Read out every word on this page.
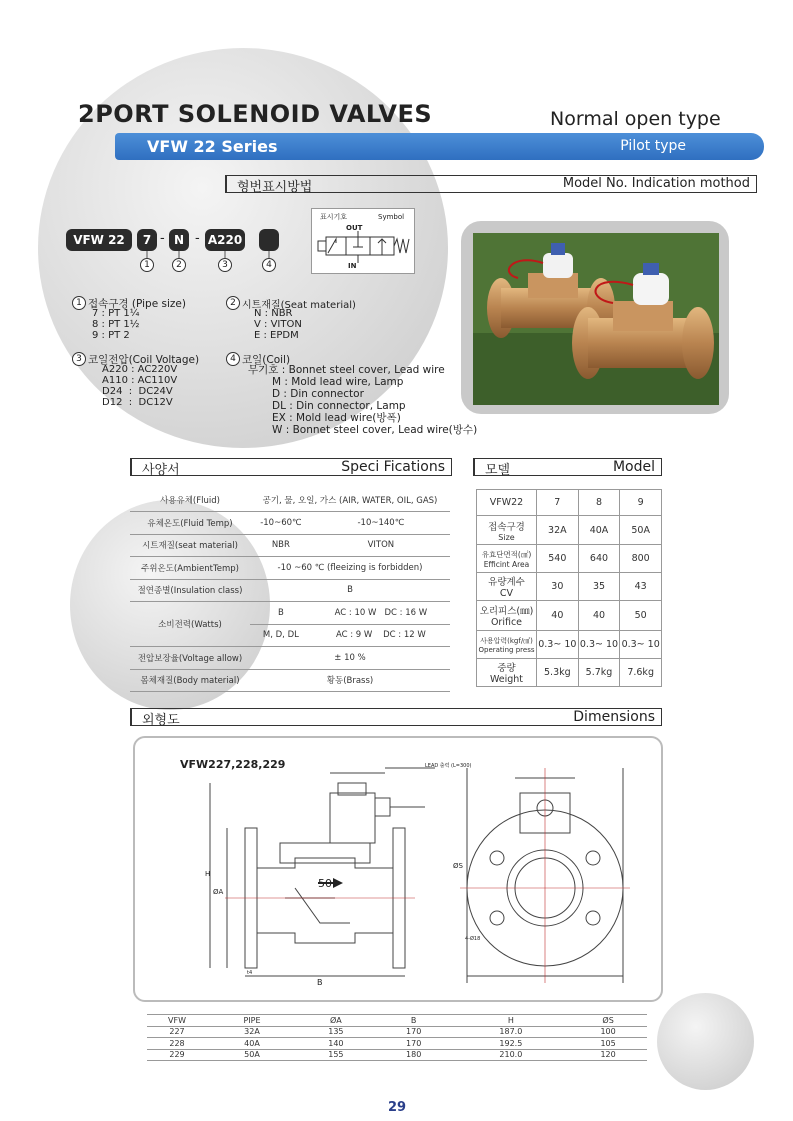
2PORT SOLENOID VALVES	Normal open type
VFW 22 Series	Pilot type
형번표시방법	Model No. Indication mothod
VFW 22	7 - N - A220
1	2	3	4
표시기호	Symbol
OUT
IN
1 접속구경 (Pipe size)
7 : PT 1¼
8 : PT 1½
9 : PT 2
2 시트재질(Seat material)
N : NBR
V : VITON
E : EPDM
3 코일전압(Coil Voltage)
A220 : AC220V
A110 : AC110V
D24  :  DC24V
D12  :  DC12V
4 코일(Coil)
무기호 : Bonnet steel cover, Lead wire
M : Mold lead wire, Lamp
D : Din connector
DL : Din connector, Lamp
EX : Mold lead wire(방폭)
W : Bonnet steel cover, Lead wire(방수)
사양서	Speci Fications	모델	Model
사용유체(Fluid)	공기, 물, 오일, 가스 (AIR, WATER, OIL, GAS)	
유체온도(Fluid Temp)	-10~60℃	-10~140℃
시트재질(seat material)	NBR	VITON
주위온도(AmbientTemp)	-10 ~60 ℃ (fleeizing is forbidden)	
절연종별(Insulation class)	B	
소비전력(Watts)	B	AC : 10 W   DC : 16 W
	M, D, DL	AC : 9 W    DC : 12 W
전압보장율(Voltage allow)	± 10 %	
몸체재질(Body material)	황동(Brass)	
VFW22	7	8	9

접속구경
Size	32A	40A	50A

유효단면적(㎠)
Efficint Area	540	640	800

유량계수
CV	30	35	43

오리피스(㎜)
Orifice	40	40	50

사용압력(kgf/㎠)
Operating press	0.3~ 10	0.3~ 10	0.3~ 10

중량
Weight	5.3kg	5.7kg	7.6kg
외형도	Dimensions
VFW227,228,229	LEAD 출력 (L=300)
50
ØA
H
B
ØS
t4
4-Ø18
VFW	PIPE	ØA	B	H	ØS
227	32A	135	170	187.0	100
228	40A	140	170	192.5	105
229	50A	155	180	210.0	120
29
